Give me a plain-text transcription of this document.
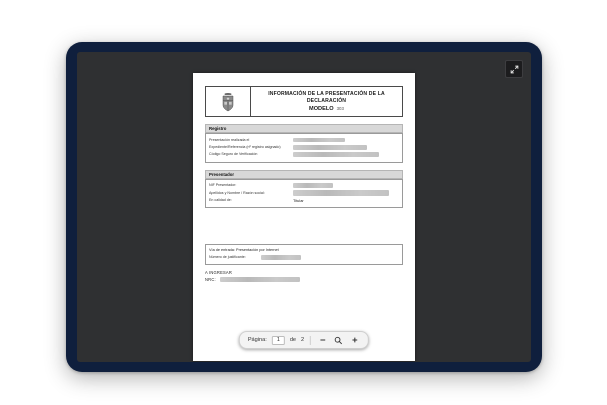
INFORMACIÓN DE LA PRESENTACIÓN DE LA
DECLARACIÓN
MODELO 303
Registro
Presentación realizada el
Expediente/Referencia (nº registro asignado)
Código Seguro de Verificación
Presentador
NIF Presentador:
Apellidos y Nombre / Razón social:
En calidad de:	Titular
Vía de entrada: Presentación por Internet
Número de justificante:
A INGRESAR
NRC:
Página:
1	de 2
